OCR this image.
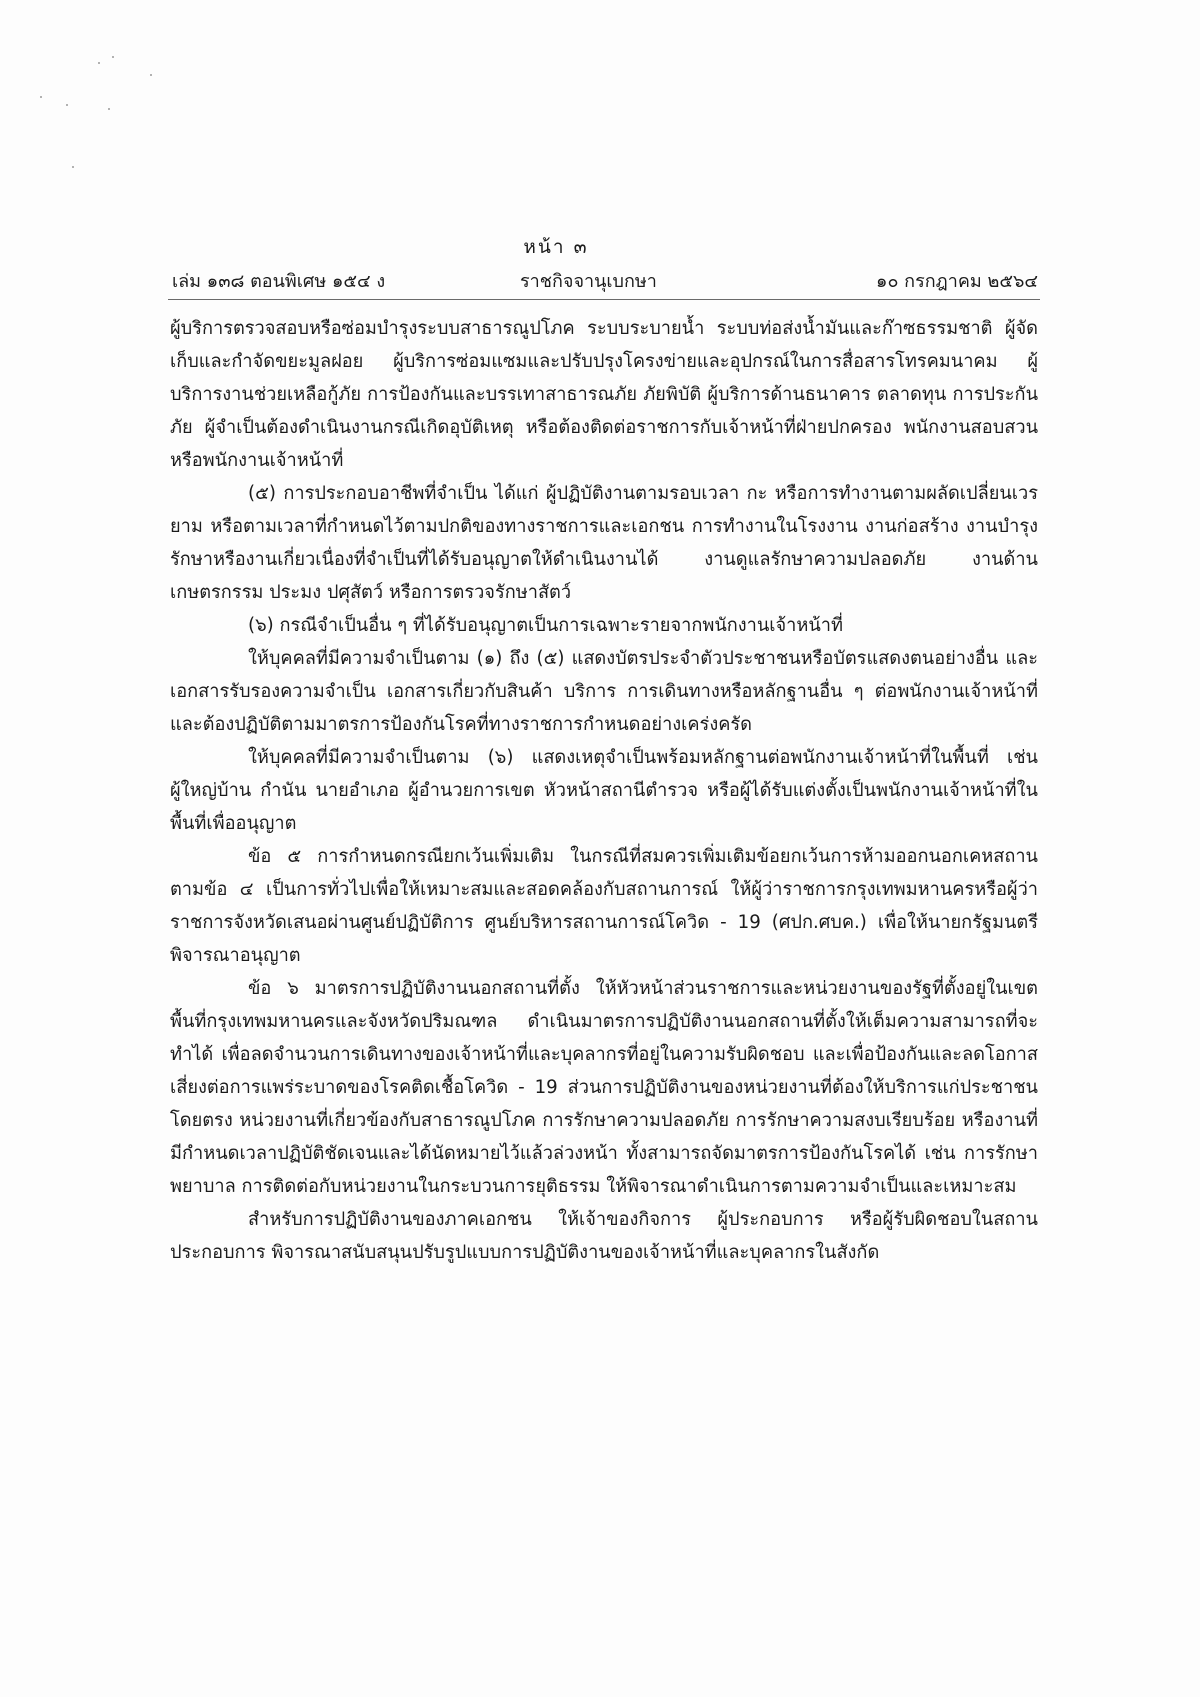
หน้า ๓
เล่ม ๑๓๘ ตอนพิเศษ ๑๕๔ ง	ราชกิจจานุเบกษา	๑๐ กรกฎาคม ๒๕๖๔

ผู้บริการตรวจสอบหรือซ่อมบำรุงระบบสาธารณูปโภค ระบบระบายน้ำ ระบบท่อส่งน้ำมันและก๊าซธรรมชาติ ผู้จัดเก็บและกำจัดขยะมูลฝอย ผู้บริการซ่อมแซมและปรับปรุงโครงข่ายและอุปกรณ์ในการสื่อสารโทรคมนาคม ผู้บริการงานช่วยเหลือกู้ภัย การป้องกันและบรรเทาสาธารณภัย ภัยพิบัติ ผู้บริการด้านธนาคาร ตลาดทุน การประกันภัย ผู้จำเป็นต้องดำเนินงานกรณีเกิดอุบัติเหตุ หรือต้องติดต่อราชการกับเจ้าหน้าที่ฝ่ายปกครอง พนักงานสอบสวน หรือพนักงานเจ้าหน้าที่

(๕) การประกอบอาชีพที่จำเป็น ได้แก่ ผู้ปฏิบัติงานตามรอบเวลา กะ หรือการทำงานตามผลัดเปลี่ยนเวรยาม หรือตามเวลาที่กำหนดไว้ตามปกติของทางราชการและเอกชน การทำงานในโรงงาน งานก่อสร้าง งานบำรุงรักษาหรืองานเกี่ยวเนื่องที่จำเป็นที่ได้รับอนุญาตให้ดำเนินงานได้ งานดูแลรักษาความปลอดภัย งานด้านเกษตรกรรม ประมง ปศุสัตว์ หรือการตรวจรักษาสัตว์

(๖) กรณีจำเป็นอื่น ๆ ที่ได้รับอนุญาตเป็นการเฉพาะรายจากพนักงานเจ้าหน้าที่

ให้บุคคลที่มีความจำเป็นตาม (๑) ถึง (๕) แสดงบัตรประจำตัวประชาชนหรือบัตรแสดงตนอย่างอื่น และเอกสารรับรองความจำเป็น เอกสารเกี่ยวกับสินค้า บริการ การเดินทางหรือหลักฐานอื่น ๆ ต่อพนักงานเจ้าหน้าที่ และต้องปฏิบัติตามมาตรการป้องกันโรคที่ทางราชการกำหนดอย่างเคร่งครัด

ให้บุคคลที่มีความจำเป็นตาม (๖) แสดงเหตุจำเป็นพร้อมหลักฐานต่อพนักงานเจ้าหน้าที่ในพื้นที่ เช่น ผู้ใหญ่บ้าน กำนัน นายอำเภอ ผู้อำนวยการเขต หัวหน้าสถานีตำรวจ หรือผู้ได้รับแต่งตั้งเป็นพนักงานเจ้าหน้าที่ในพื้นที่เพื่ออนุญาต

ข้อ ๕ การกำหนดกรณียกเว้นเพิ่มเติม ในกรณีที่สมควรเพิ่มเติมข้อยกเว้นการห้ามออกนอกเคหสถานตามข้อ ๔ เป็นการทั่วไปเพื่อให้เหมาะสมและสอดคล้องกับสถานการณ์ ให้ผู้ว่าราชการกรุงเทพมหานครหรือผู้ว่าราชการจังหวัดเสนอผ่านศูนย์ปฏิบัติการ ศูนย์บริหารสถานการณ์โควิด - 19 (ศปก.ศบค.) เพื่อให้นายกรัฐมนตรีพิจารณาอนุญาต

ข้อ ๖ มาตรการปฏิบัติงานนอกสถานที่ตั้ง ให้หัวหน้าส่วนราชการและหน่วยงานของรัฐที่ตั้งอยู่ในเขตพื้นที่กรุงเทพมหานครและจังหวัดปริมณฑล ดำเนินมาตรการปฏิบัติงานนอกสถานที่ตั้งให้เต็มความสามารถที่จะทำได้ เพื่อลดจำนวนการเดินทางของเจ้าหน้าที่และบุคลากรที่อยู่ในความรับผิดชอบ และเพื่อป้องกันและลดโอกาสเสี่ยงต่อการแพร่ระบาดของโรคติดเชื้อโควิด - 19 ส่วนการปฏิบัติงานของหน่วยงานที่ต้องให้บริการแก่ประชาชนโดยตรง หน่วยงานที่เกี่ยวข้องกับสาธารณูปโภค การรักษาความปลอดภัย การรักษาความสงบเรียบร้อย หรืองานที่มีกำหนดเวลาปฏิบัติชัดเจนและได้นัดหมายไว้แล้วล่วงหน้า ทั้งสามารถจัดมาตรการป้องกันโรคได้ เช่น การรักษาพยาบาล การติดต่อกับหน่วยงานในกระบวนการยุติธรรม ให้พิจารณาดำเนินการตามความจำเป็นและเหมาะสม

สำหรับการปฏิบัติงานของภาคเอกชน ให้เจ้าของกิจการ ผู้ประกอบการ หรือผู้รับผิดชอบในสถานประกอบการ พิจารณาสนับสนุนปรับรูปแบบการปฏิบัติงานของเจ้าหน้าที่และบุคลากรในสังกัด
